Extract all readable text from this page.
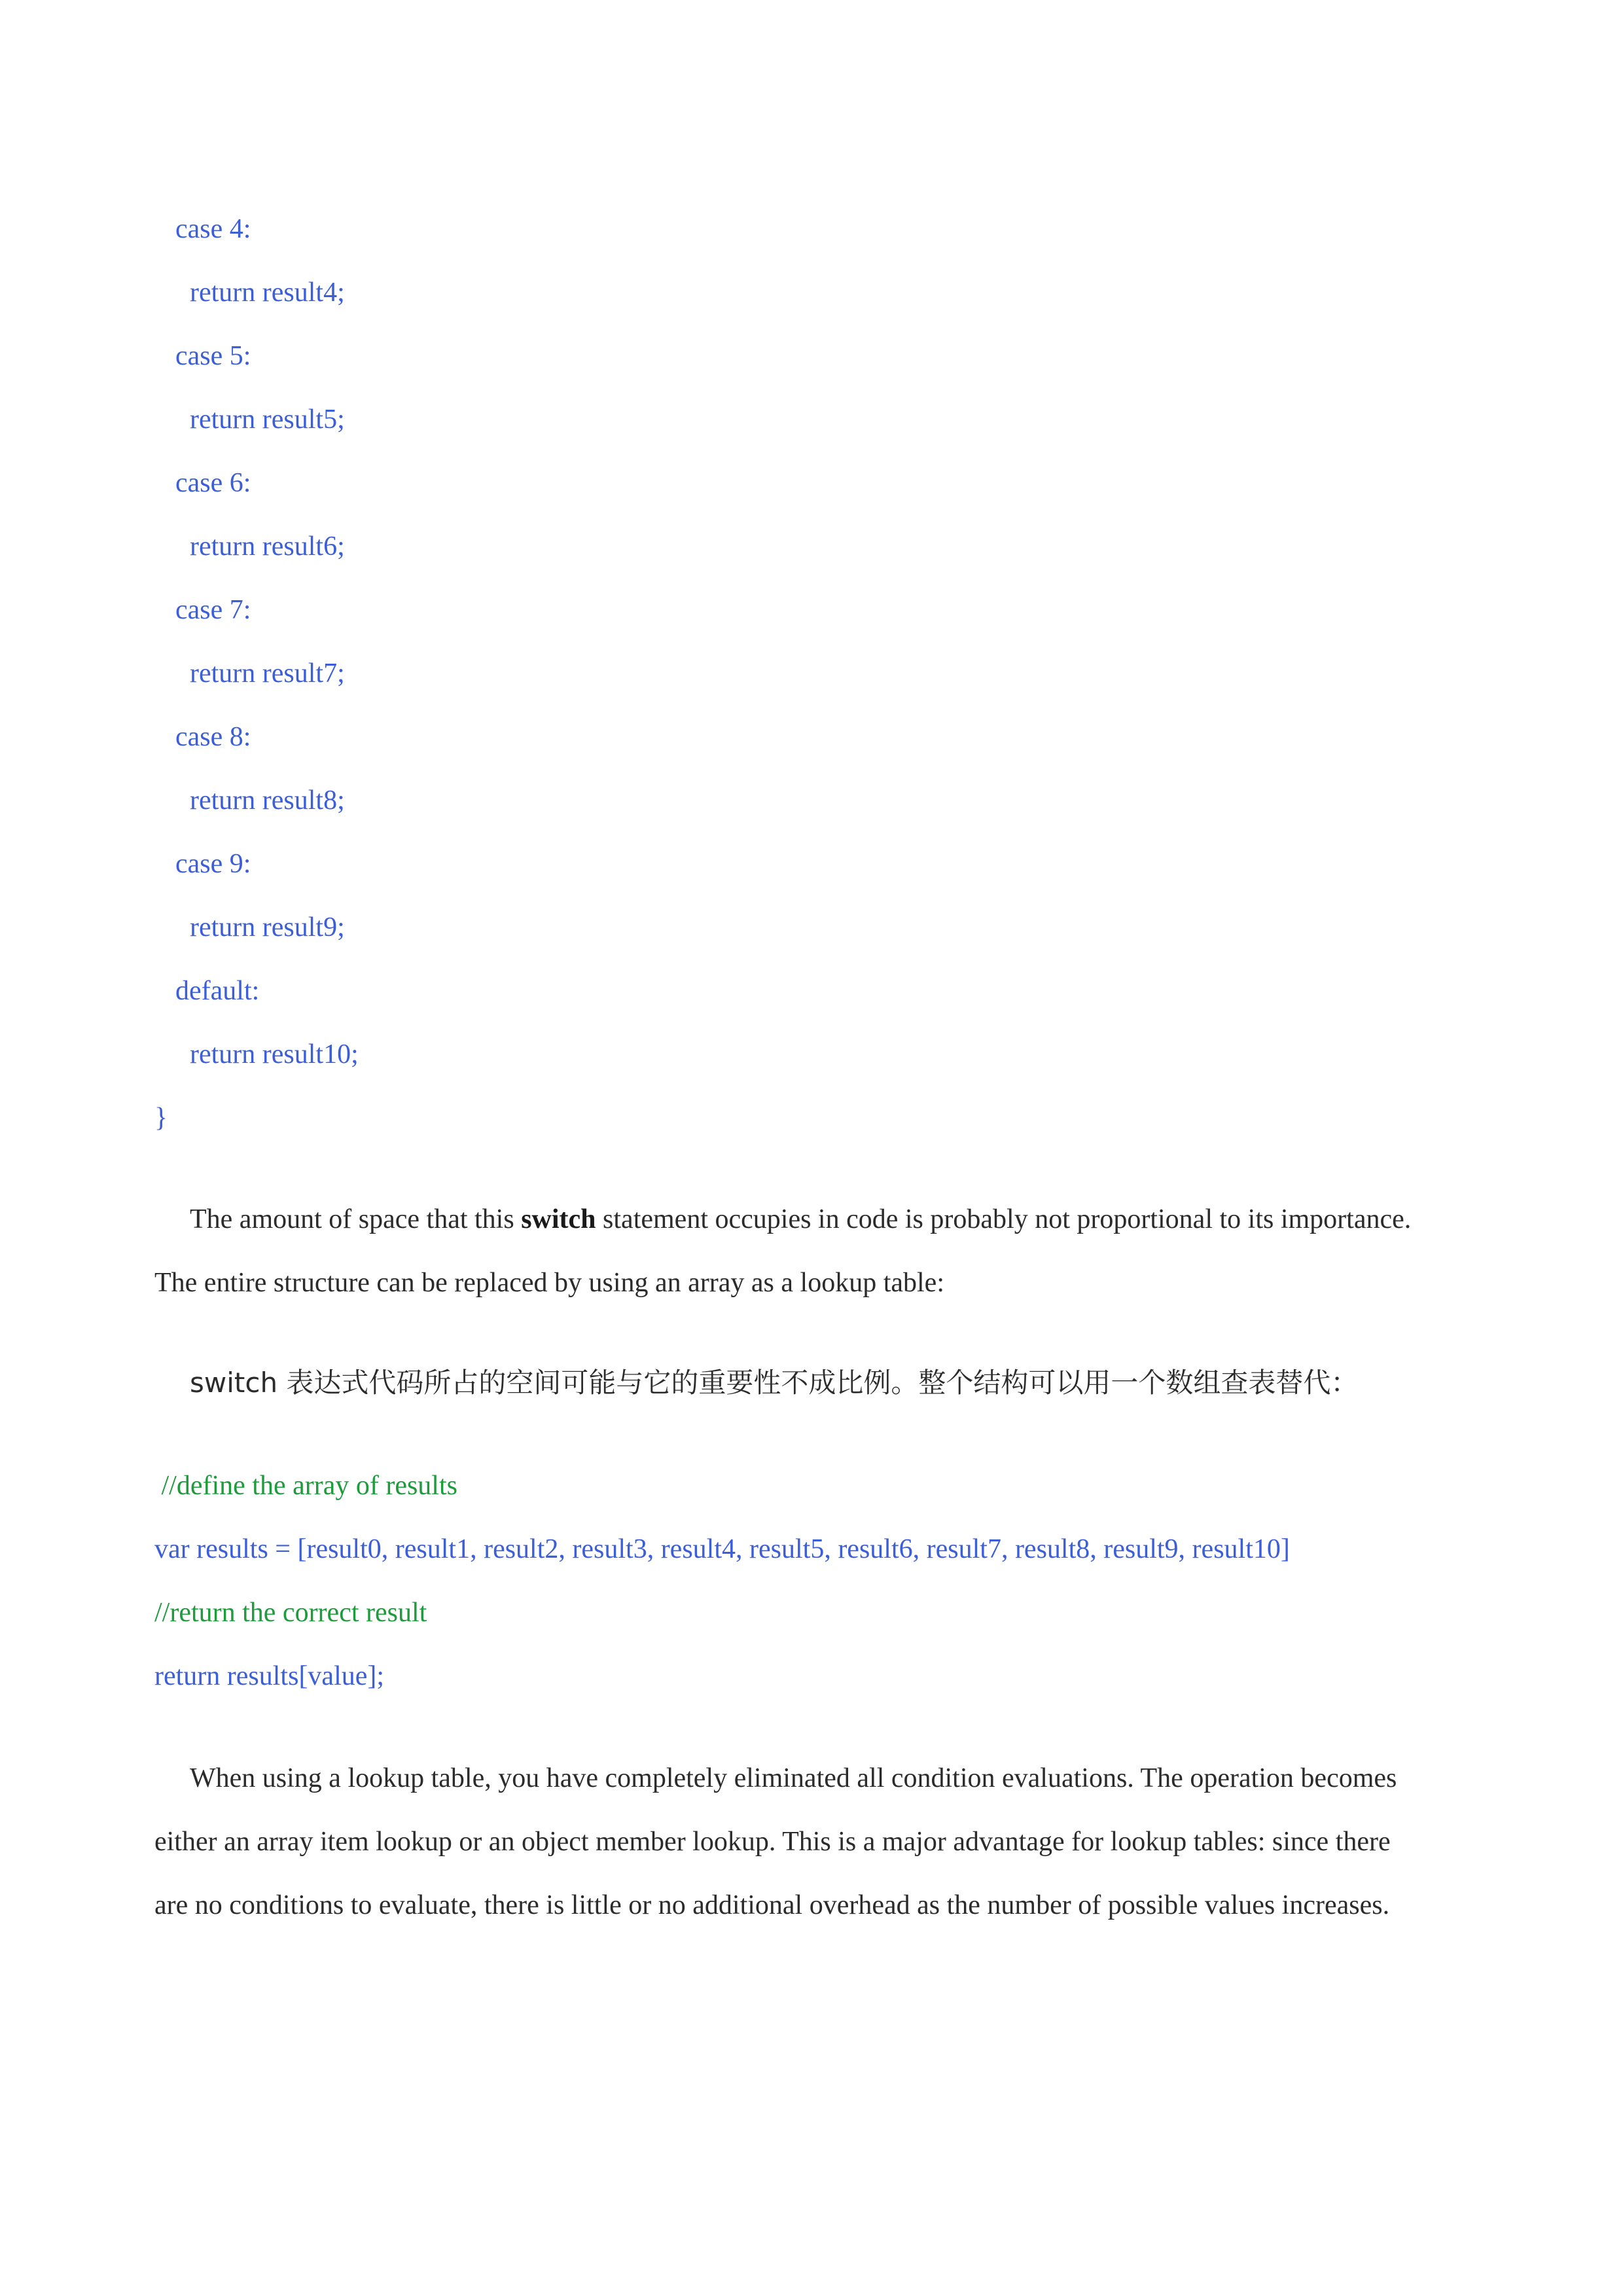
case 4:
return result4;
case 5:
return result5;
case 6:
return result6;
case 7:
return result7;
case 8:
return result8;
case 9:
return result9;
default:
return result10;
}
The amount of space that this switch statement occupies in code is probably not proportional to its importance.
The entire structure can be replaced by using an array as a lookup table:
switch 表达式代码所占的空间可能与它的重要性不成比例。整个结构可以用一个数组查表替代：
//define the array of results
var results = [result0, result1, result2, result3, result4, result5, result6, result7, result8, result9, result10]
//return the correct result
return results[value];
When using a lookup table, you have completely eliminated all condition evaluations. The operation becomes
either an array item lookup or an object member lookup. This is a major advantage for lookup tables: since there
are no conditions to evaluate, there is little or no additional overhead as the number of possible values increases.
